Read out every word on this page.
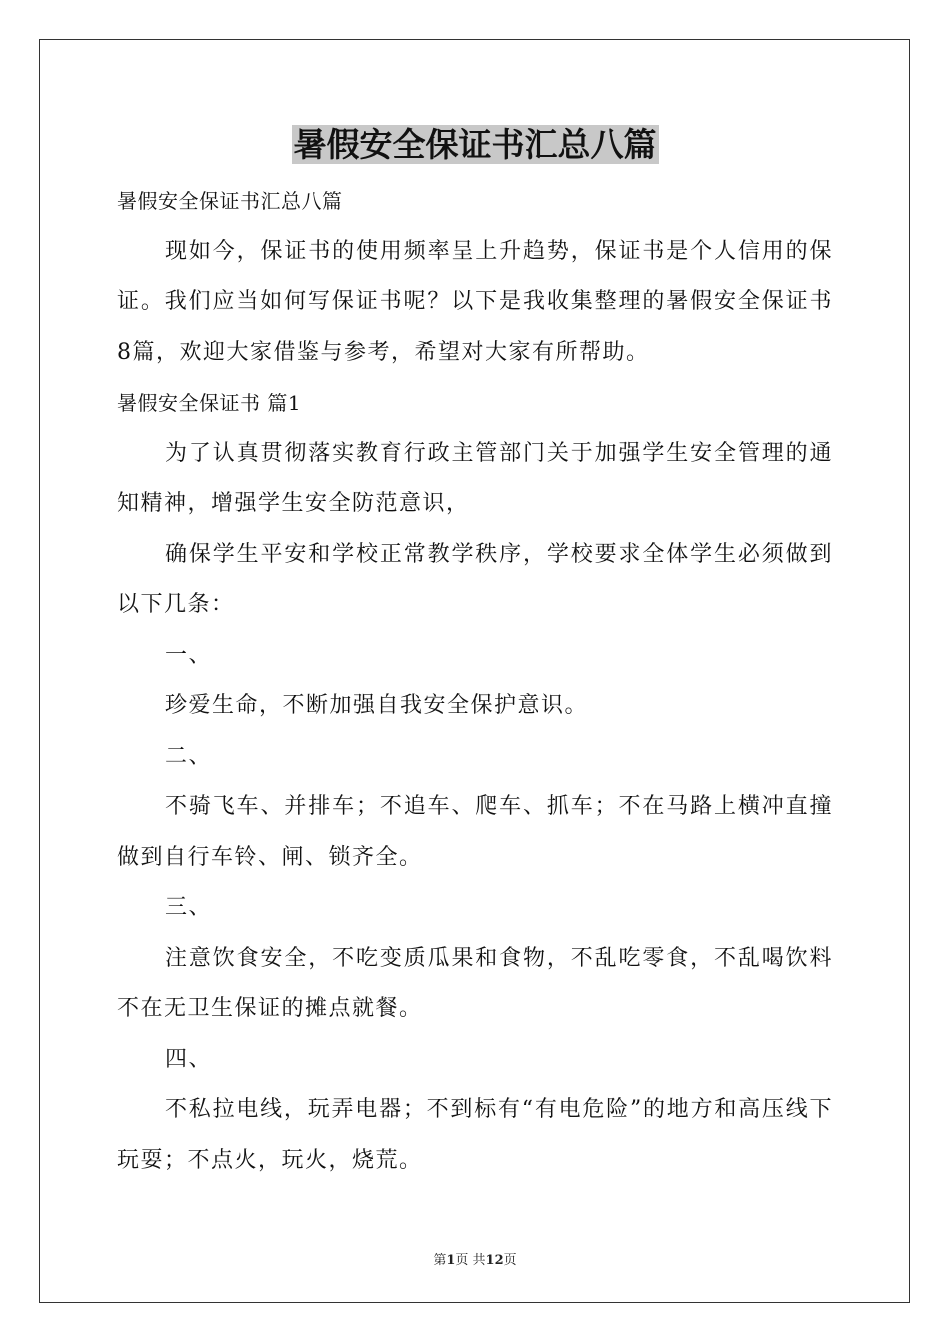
暑假安全保证书汇总八篇

暑假安全保证书汇总八篇

现如今，保证书的使用频率呈上升趋势，保证书是个人信用的保证。我们应当如何写保证书呢？以下是我收集整理的暑假安全保证书8篇，欢迎大家借鉴与参考，希望对大家有所帮助。

暑假安全保证书 篇1

为了认真贯彻落实教育行政主管部门关于加强学生安全管理的通知精神，增强学生安全防范意识，

确保学生平安和学校正常教学秩序，学校要求全体学生必须做到以下几条：

一、

珍爱生命，不断加强自我安全保护意识。

二、

不骑飞车、并排车；不追车、爬车、抓车；不在马路上横冲直撞做到自行车铃、闸、锁齐全。

三、

注意饮食安全，不吃变质瓜果和食物，不乱吃零食，不乱喝饮料不在无卫生保证的摊点就餐。

四、

不私拉电线，玩弄电器；不到标有“有电危险”的地方和高压线下玩耍；不点火，玩火，烧荒。

第1页 共12页
